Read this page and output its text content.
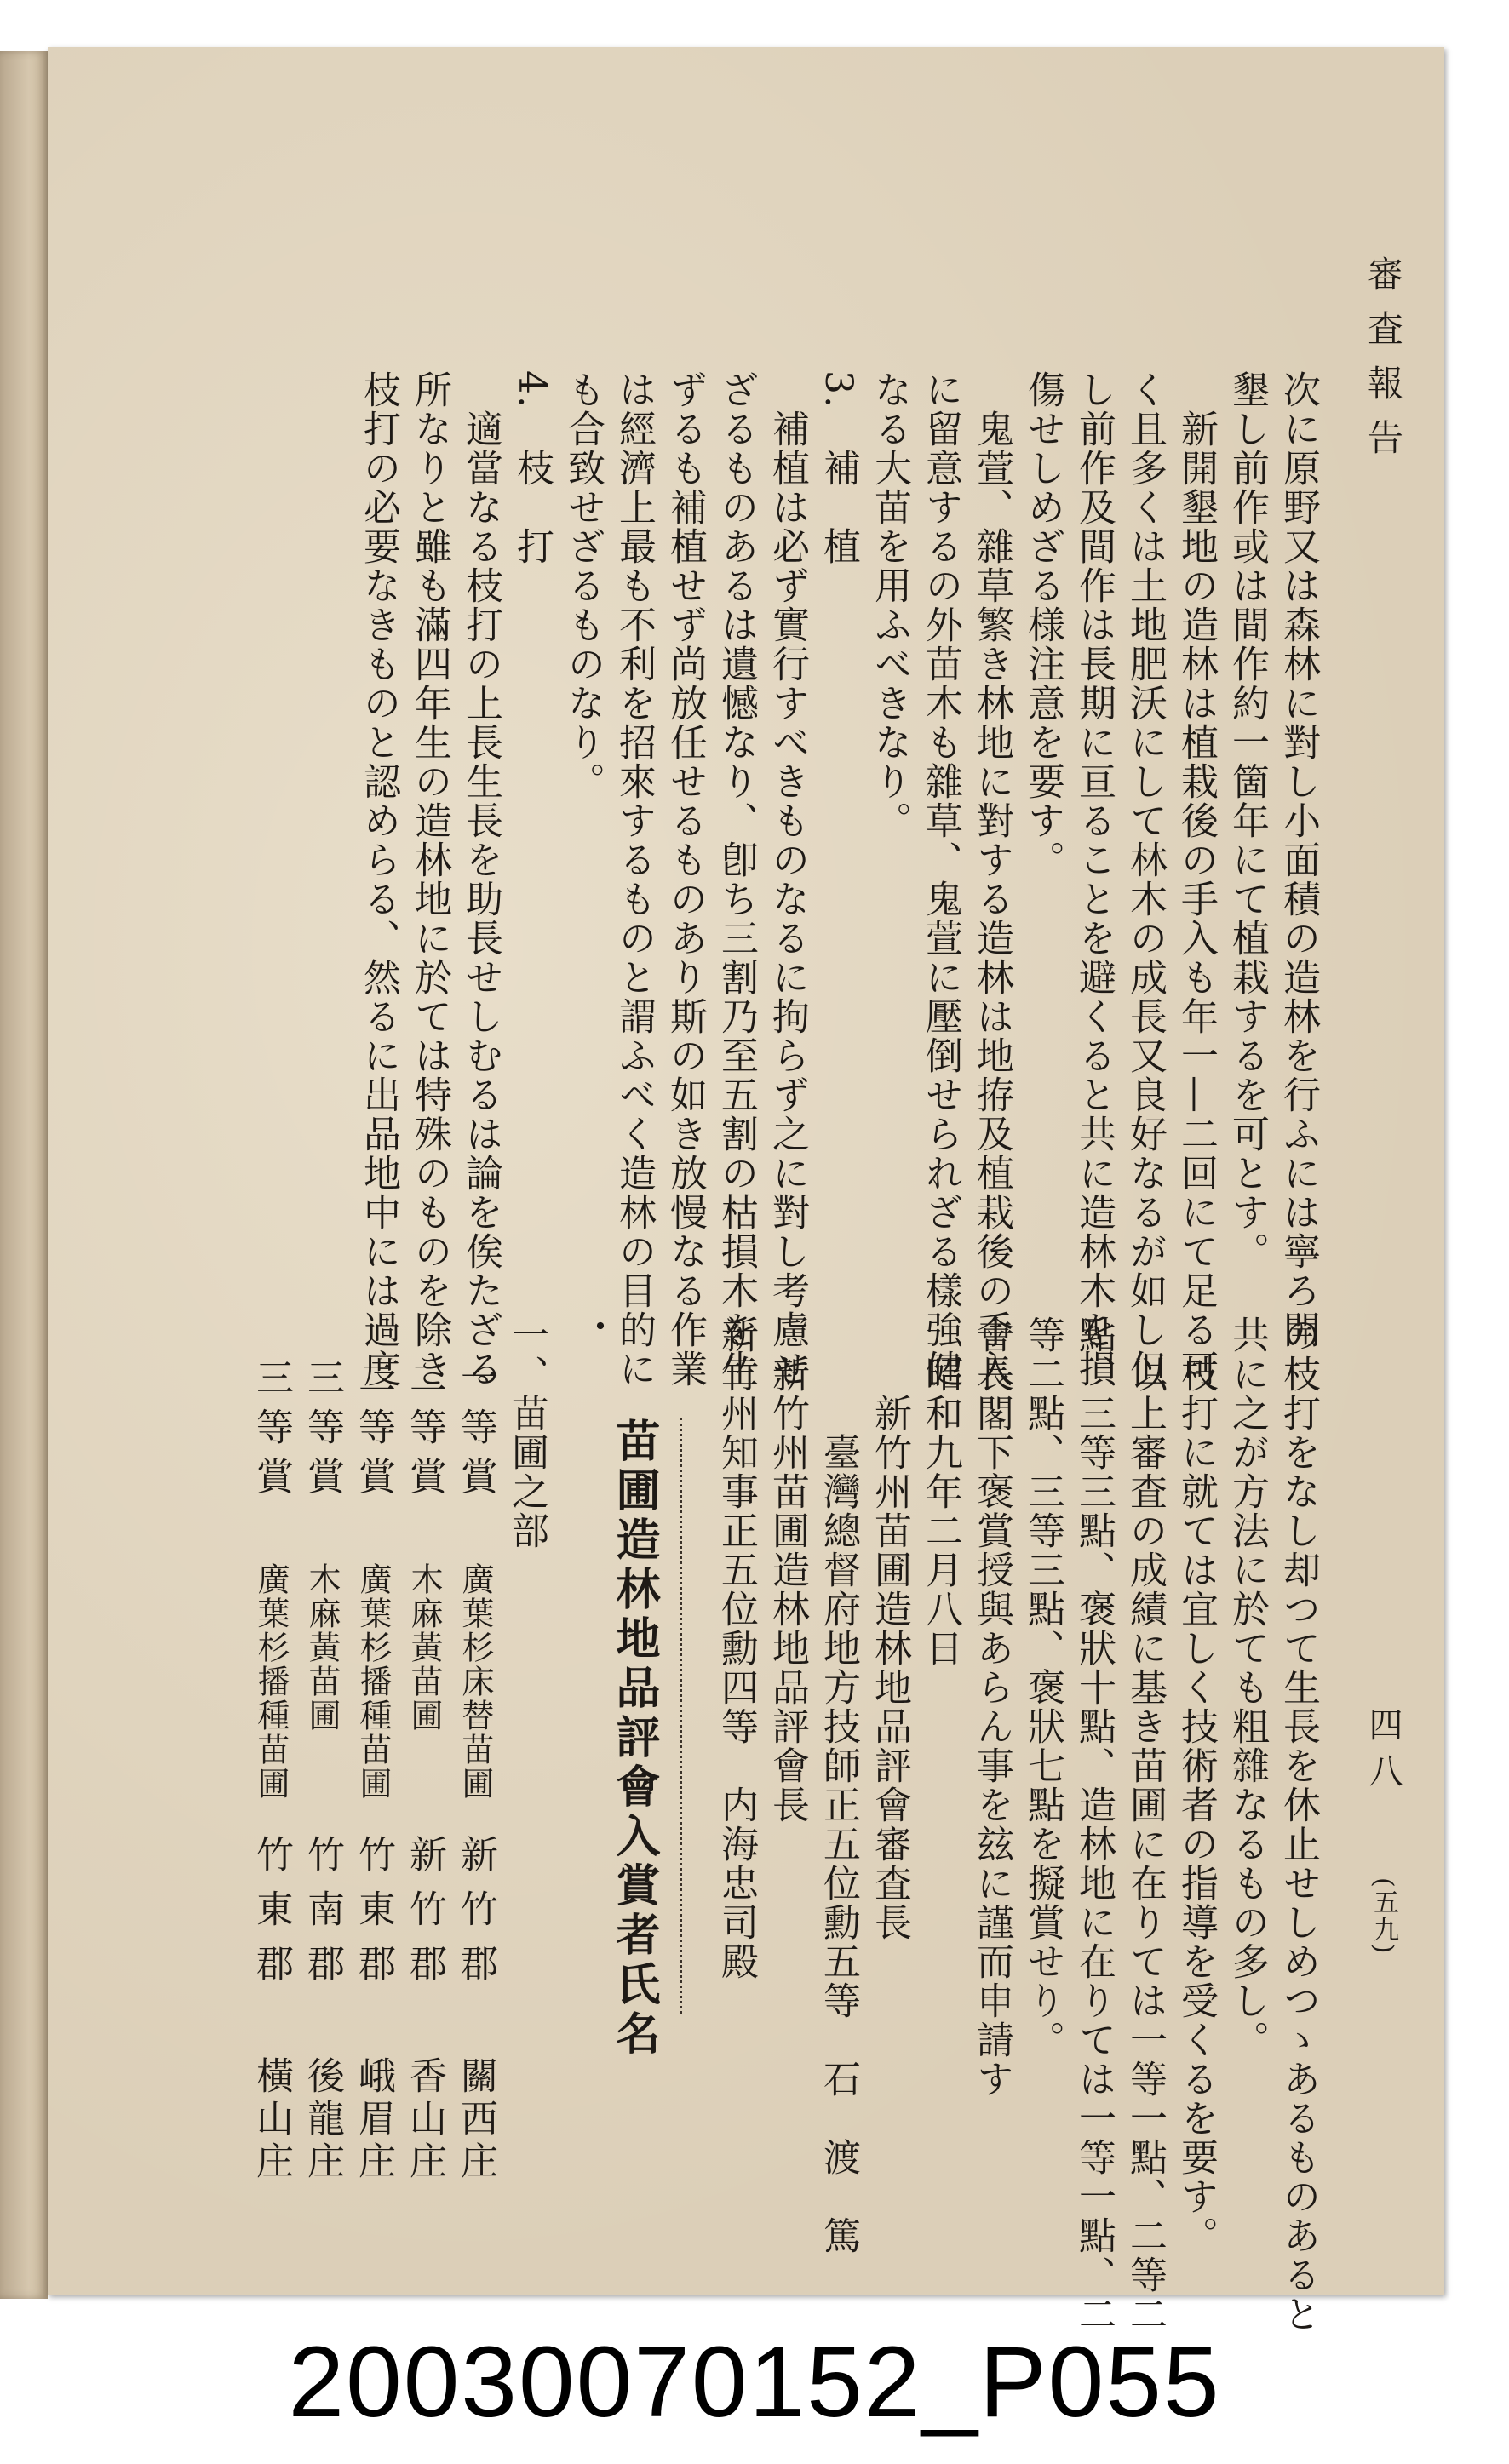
審査報告
四八
(五九)
次に原野又は森林に對し小面積の造林を行ふには寧ろ開
墾し前作或は間作約一箇年にて植栽するを可とす。
　新開墾地の造林は植栽後の手入も年一—二回にて足る可
く且多くは土地肥沃にして林木の成長又良好なるが如し但
し前作及間作は長期に亘ることを避くると共に造林木を損
傷せしめざる様注意を要す。
　鬼萱、雜草繁き林地に對する造林は地拵及植栽後の手入
に留意するの外苗木も雜草、鬼萱に壓倒せられざる樣強健
なる大苗を用ふべきなり。
3.　補　植
　補植は必ず實行すべきものなるに拘らず之に對し考慮せ
ざるものあるは遺憾なり、卽ち三割乃至五割の枯損木を生
ずるも補植せず尚放任せるものあり斯の如き放慢なる作業
は經濟上最も不利を招來するものと謂ふべく造林の目的に
も合致せざるものなり。
4.　枝　打
　適當なる枝打の上長生長を助長せしむるは論を俟たざる
所なりと雖も滿四年生の造林地に於ては特殊のものを除き
枝打の必要なきものと認めらる、然るに出品地中には過度
の枝打をなし却つて生長を休止せしめつゝあるものあると
共に之が方法に於ても粗雜なるもの多し。
　枝打に就ては宜しく技術者の指導を受くるを要す。
　以上審査の成績に基き苗圃に在りては一等一點、二等二
點、三等三點、褒狀十點、造林地に在りては一等一點、二
等二點、三等三點、褒狀七點を擬賞せり。
會長閣下褒賞授與あらん事を玆に謹而申請す
　昭和九年二月八日
　　新竹州苗圃造林地品評會審査長
　　　臺灣總督府地方技師正五位勳五等　石　渡　篤
　新竹州苗圃造林地品評會長
新竹州知事正五位勳四等　内海忠司殿
・
苗圃造林地品評會入賞者氏名
一、苗圃之部
一等賞
廣葉杉床替苗圃
新竹郡
關西庄
二等賞
木麻黃苗圃
新竹郡
香山庄
二等賞
廣葉杉播種苗圃
竹東郡
峨眉庄
三等賞
木麻黃苗圃
竹南郡
後龍庄
三等賞
廣葉杉播種苗圃
竹東郡
橫山庄
20030070152_P055
